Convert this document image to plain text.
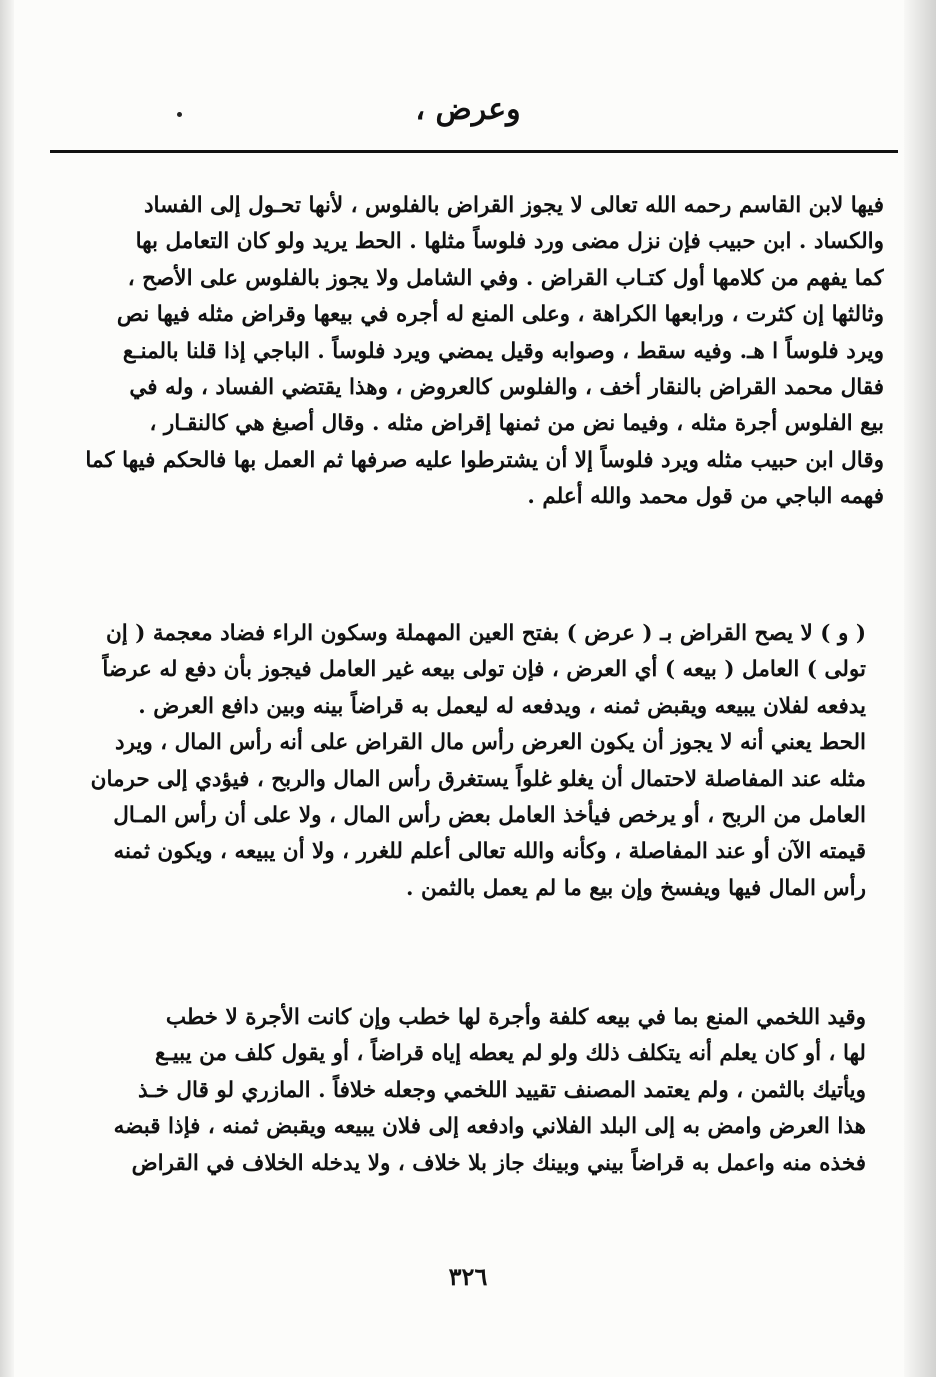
وعرض ،
فيها لابن القاسم رحمه الله تعالى لا يجوز القراض بالفلوس ، لأنها تحـول إلى الفساد
والكساد . ابن حبيب فإن نزل مضى ورد فلوساً مثلها . الحط يريد ولو كان التعامل بها
كما يفهم من كلامها أول كتـاب القراض . وفي الشامل ولا يجوز بالفلوس على الأصح ،
وثالثها إن كثرت ، ورابعها الكراهة ، وعلى المنع له أجره في بيعها وقراض مثله فيها نص
ويرد فلوساً ا هـ. وفيه سقط ، وصوابه وقيل يمضي ويرد فلوساً . الباجي إذا قلنا بالمنـع
فقال محمد القراض بالنقار أخف ، والفلوس كالعروض ، وهذا يقتضي الفساد ، وله في
بيع الفلوس أجرة مثله ، وفيما نض من ثمنها إقراض مثله . وقال أصبغ هي كالنقـار ،
وقال ابن حبيب مثله ويرد فلوساً إلا أن يشترطوا عليه صرفها ثم العمل بها فالحكم فيها كما
فهمه الباجي من قول محمد والله أعلم .
( و ) لا يصح القراض بـ ( عرض ) بفتح العين المهملة وسكون الراء فضاد معجمة ( إن
تولى ) العامل ( بيعه ) أي العرض ، فإن تولى بيعه غير العامل فيجوز بأن دفع له عرضاً
يدفعه لفلان يبيعه ويقبض ثمنه ، ويدفعه له ليعمل به قراضاً بينه وبين دافع العرض .
الحط يعني أنه لا يجوز أن يكون العرض رأس مال القراض على أنه رأس المال ، ويرد
مثله عند المفاصلة لاحتمال أن يغلو غلواً يستغرق رأس المال والربح ، فيؤدي إلى حرمان
العامل من الربح ، أو يرخص فيأخذ العامل بعض رأس المال ، ولا على أن رأس المـال
قيمته الآن أو عند المفاصلة ، وكأنه والله تعالى أعلم للغرر ، ولا أن يبيعه ، ويكون ثمنه
رأس المال فيها ويفسخ وإن بيع ما لم يعمل بالثمن .
وقيد اللخمي المنع بما في بيعه كلفة وأجرة لها خطب وإن كانت الأجرة لا خطب
لها ، أو كان يعلم أنه يتكلف ذلك ولو لم يعطه إياه قراضاً ، أو يقول كلف من يبيـع
ويأتيك بالثمن ، ولم يعتمد المصنف تقييد اللخمي وجعله خلافاً . المازري لو قال خـذ
هذا العرض وامض به إلى البلد الفلاني وادفعه إلى فلان يبيعه ويقبض ثمنه ، فإذا قبضه
فخذه منه واعمل به قراضاً بيني وبينك جاز بلا خلاف ، ولا يدخله الخلاف في القراض
٣٢٦
